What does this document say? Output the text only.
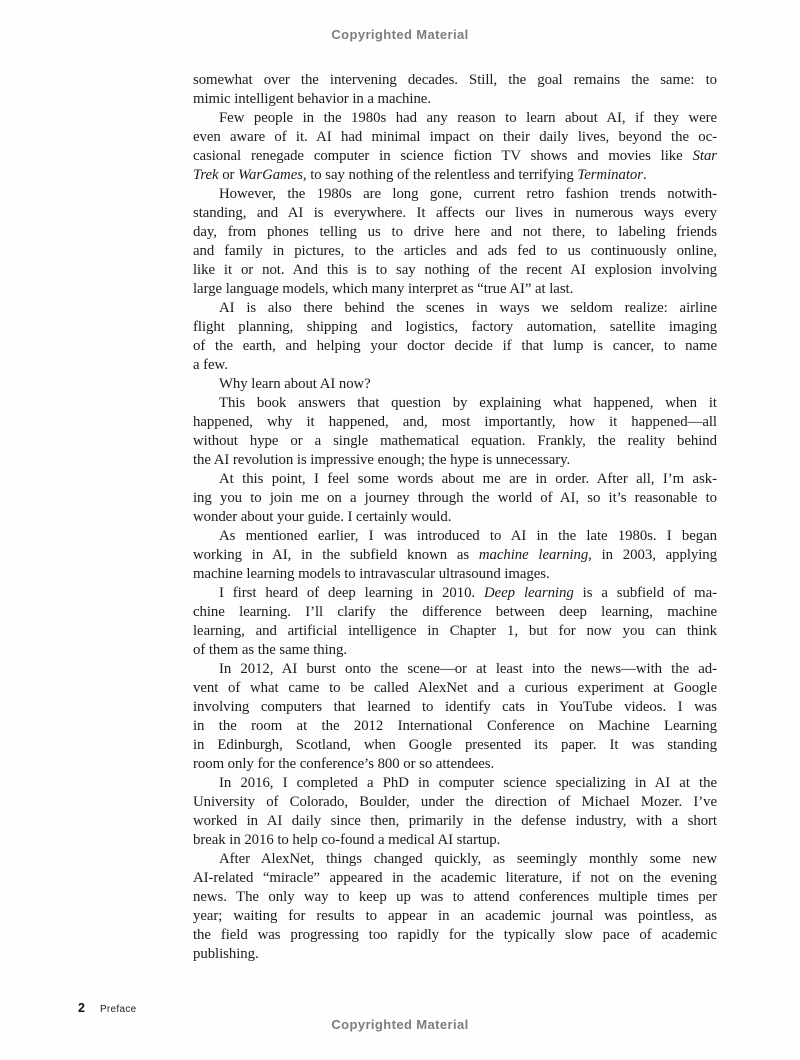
Copyrighted Material
somewhat over the intervening decades. Still, the goal remains the same: to
mimic intelligent behavior in a machine.
Few people in the 1980s had any reason to learn about AI, if they were
even aware of it. AI had minimal impact on their daily lives, beyond the oc-
casional renegade computer in science fiction TV shows and movies like Star
Trek or WarGames, to say nothing of the relentless and terrifying Terminator.
However, the 1980s are long gone, current retro fashion trends notwith-
standing, and AI is everywhere. It affects our lives in numerous ways every
day, from phones telling us to drive here and not there, to labeling friends
and family in pictures, to the articles and ads fed to us continuously online,
like it or not. And this is to say nothing of the recent AI explosion involving
large language models, which many interpret as “true AI” at last.
AI is also there behind the scenes in ways we seldom realize: airline
flight planning, shipping and logistics, factory automation, satellite imaging
of the earth, and helping your doctor decide if that lump is cancer, to name
a few.
Why learn about AI now?
This book answers that question by explaining what happened, when it
happened, why it happened, and, most importantly, how it happened—all
without hype or a single mathematical equation. Frankly, the reality behind
the AI revolution is impressive enough; the hype is unnecessary.
At this point, I feel some words about me are in order. After all, I’m ask-
ing you to join me on a journey through the world of AI, so it’s reasonable to
wonder about your guide. I certainly would.
As mentioned earlier, I was introduced to AI in the late 1980s. I began
working in AI, in the subfield known as machine learning, in 2003, applying
machine learning models to intravascular ultrasound images.
I first heard of deep learning in 2010. Deep learning is a subfield of ma-
chine learning. I’ll clarify the difference between deep learning, machine
learning, and artificial intelligence in Chapter 1, but for now you can think
of them as the same thing.
In 2012, AI burst onto the scene—or at least into the news—with the ad-
vent of what came to be called AlexNet and a curious experiment at Google
involving computers that learned to identify cats in YouTube videos. I was
in the room at the 2012 International Conference on Machine Learning
in Edinburgh, Scotland, when Google presented its paper. It was standing
room only for the conference’s 800 or so attendees.
In 2016, I completed a PhD in computer science specializing in AI at the
University of Colorado, Boulder, under the direction of Michael Mozer. I’ve
worked in AI daily since then, primarily in the defense industry, with a short
break in 2016 to help co-found a medical AI startup.
After AlexNet, things changed quickly, as seemingly monthly some new
AI-related “miracle” appeared in the academic literature, if not on the evening
news. The only way to keep up was to attend conferences multiple times per
year; waiting for results to appear in an academic journal was pointless, as
the field was progressing too rapidly for the typically slow pace of academic
publishing.
2 Preface
Copyrighted Material
